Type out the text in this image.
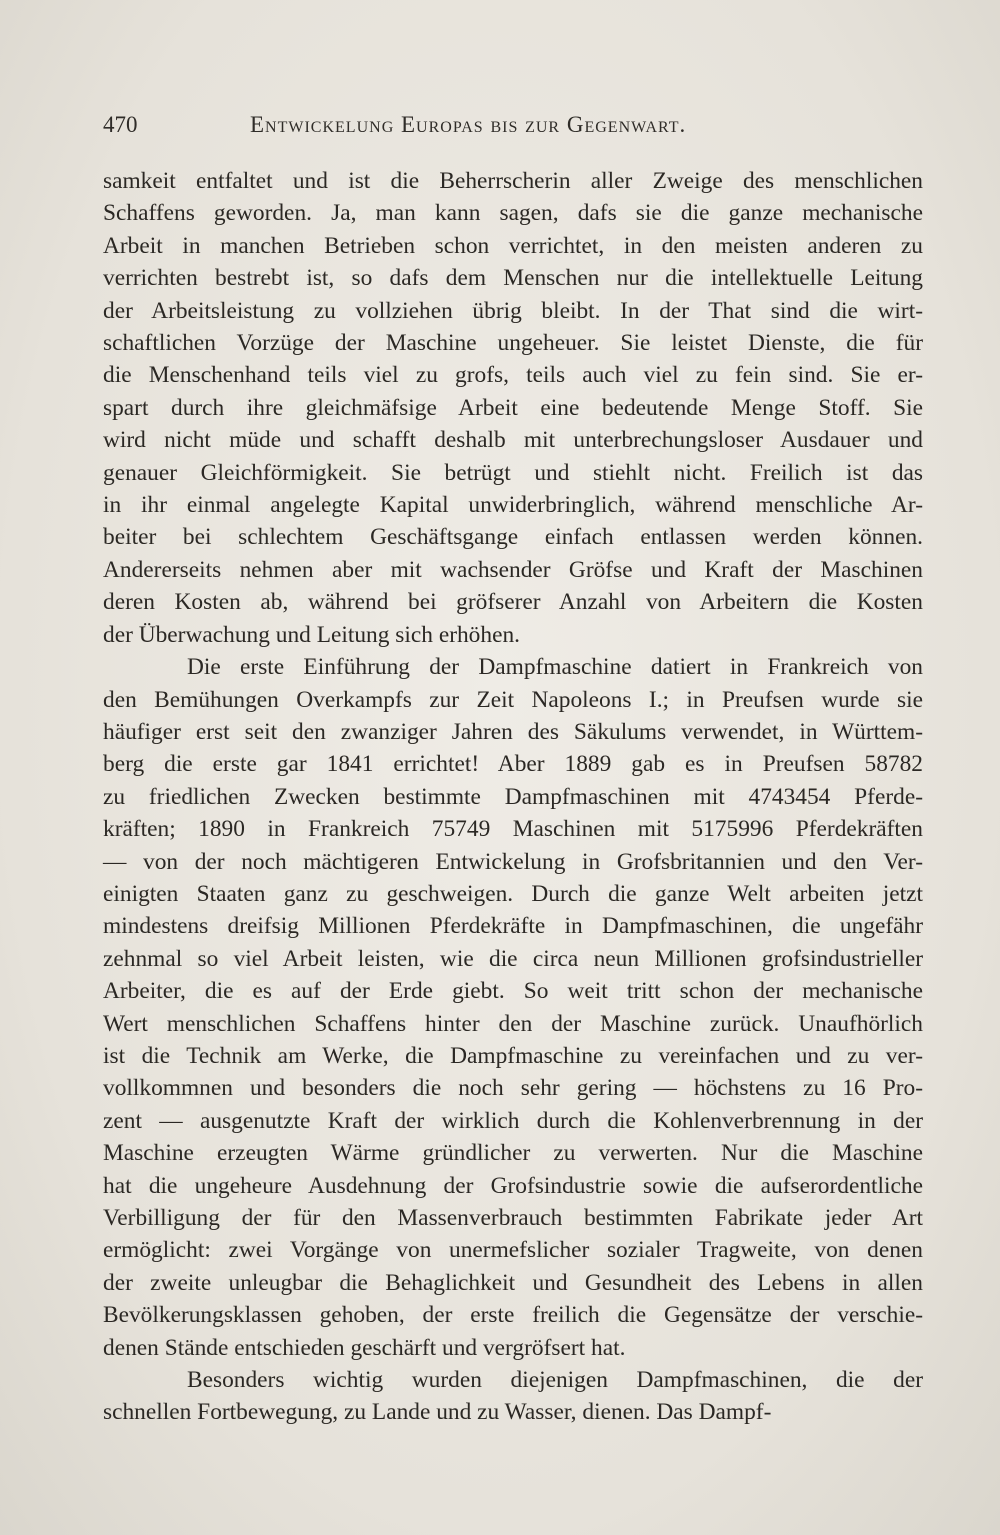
470	Entwickelung Europas bis zur Gegenwart.
samkeit entfaltet und ist die Beherrscherin aller Zweige des menschlichen
Schaffens geworden. Ja, man kann sagen, dafs sie die ganze mechanische
Arbeit in manchen Betrieben schon verrichtet, in den meisten anderen zu
verrichten bestrebt ist, so dafs dem Menschen nur die intellektuelle Leitung
der Arbeitsleistung zu vollziehen übrig bleibt. In der That sind die wirt-
schaftlichen Vorzüge der Maschine ungeheuer. Sie leistet Dienste, die für
die Menschenhand teils viel zu grofs, teils auch viel zu fein sind. Sie er-
spart durch ihre gleichmäfsige Arbeit eine bedeutende Menge Stoff. Sie
wird nicht müde und schafft deshalb mit unterbrechungsloser Ausdauer und
genauer Gleichförmigkeit. Sie betrügt und stiehlt nicht. Freilich ist das
in ihr einmal angelegte Kapital unwiderbringlich, während menschliche Ar-
beiter bei schlechtem Geschäftsgange einfach entlassen werden können.
Andererseits nehmen aber mit wachsender Gröfse und Kraft der Maschinen
deren Kosten ab, während bei gröfserer Anzahl von Arbeitern die Kosten
der Überwachung und Leitung sich erhöhen.
Die erste Einführung der Dampfmaschine datiert in Frankreich von
den Bemühungen Overkampfs zur Zeit Napoleons I.; in Preufsen wurde sie
häufiger erst seit den zwanziger Jahren des Säkulums verwendet, in Württem-
berg die erste gar 1841 errichtet! Aber 1889 gab es in Preufsen 58782
zu friedlichen Zwecken bestimmte Dampfmaschinen mit 4743454 Pferde-
kräften; 1890 in Frankreich 75749 Maschinen mit 5175996 Pferdekräften
— von der noch mächtigeren Entwickelung in Grofsbritannien und den Ver-
einigten Staaten ganz zu geschweigen. Durch die ganze Welt arbeiten jetzt
mindestens dreifsig Millionen Pferdekräfte in Dampfmaschinen, die ungefähr
zehnmal so viel Arbeit leisten, wie die circa neun Millionen grofsindustrieller
Arbeiter, die es auf der Erde giebt. So weit tritt schon der mechanische
Wert menschlichen Schaffens hinter den der Maschine zurück. Unaufhörlich
ist die Technik am Werke, die Dampfmaschine zu vereinfachen und zu ver-
vollkommnen und besonders die noch sehr gering — höchstens zu 16 Pro-
zent — ausgenutzte Kraft der wirklich durch die Kohlenverbrennung in der
Maschine erzeugten Wärme gründlicher zu verwerten. Nur die Maschine
hat die ungeheure Ausdehnung der Grofsindustrie sowie die aufserordentliche
Verbilligung der für den Massenverbrauch bestimmten Fabrikate jeder Art
ermöglicht: zwei Vorgänge von unermefslicher sozialer Tragweite, von denen
der zweite unleugbar die Behaglichkeit und Gesundheit des Lebens in allen
Bevölkerungsklassen gehoben, der erste freilich die Gegensätze der verschie-
denen Stände entschieden geschärft und vergröfsert hat.
Besonders wichtig wurden diejenigen Dampfmaschinen, die der
schnellen Fortbewegung, zu Lande und zu Wasser, dienen. Das Dampf-
